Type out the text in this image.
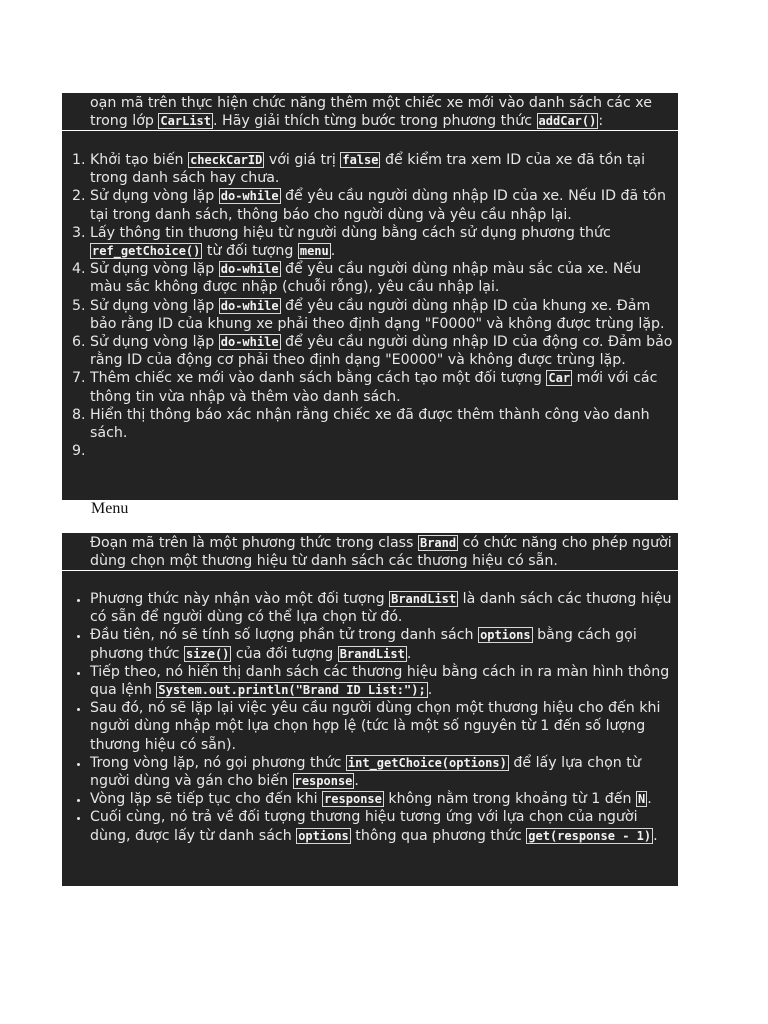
oạn mã trên thực hiện chức năng thêm một chiếc xe mới vào danh sách các xe trong lớp CarList . Hãy giải thích từng bước trong phương thức addCar() :
1. Khởi tạo biến checkCarID với giá trị false để kiểm tra xem ID của xe đã tồn tại trong danh sách hay chưa.
2. Sử dụng vòng lặp do-while để yêu cầu người dùng nhập ID của xe. Nếu ID đã tồn tại trong danh sách, thông báo cho người dùng và yêu cầu nhập lại.
3. Lấy thông tin thương hiệu từ người dùng bằng cách sử dụng phương thức ref_getChoice() từ đối tượng menu .
4. Sử dụng vòng lặp do-while để yêu cầu người dùng nhập màu sắc của xe. Nếu màu sắc không được nhập (chuỗi rỗng), yêu cầu nhập lại.
5. Sử dụng vòng lặp do-while để yêu cầu người dùng nhập ID của khung xe. Đảm bảo rằng ID của khung xe phải theo định dạng "F0000" và không được trùng lặp.
6. Sử dụng vòng lặp do-while để yêu cầu người dùng nhập ID của động cơ. Đảm bảo rằng ID của động cơ phải theo định dạng "E0000" và không được trùng lặp.
7. Thêm chiếc xe mới vào danh sách bằng cách tạo một đối tượng Car mới với các thông tin vừa nhập và thêm vào danh sách.
8. Hiển thị thông báo xác nhận rằng chiếc xe đã được thêm thành công vào danh sách.
9.
Menu
Đoạn mã trên là một phương thức trong class Brand có chức năng cho phép người dùng chọn một thương hiệu từ danh sách các thương hiệu có sẵn.
• Phương thức này nhận vào một đối tượng BrandList là danh sách các thương hiệu có sẵn để người dùng có thể lựa chọn từ đó.
• Đầu tiên, nó sẽ tính số lượng phần tử trong danh sách options bằng cách gọi phương thức size() của đối tượng BrandList .
• Tiếp theo, nó hiển thị danh sách các thương hiệu bằng cách in ra màn hình thông qua lệnh System.out.println("Brand ID List:"); .
• Sau đó, nó sẽ lặp lại việc yêu cầu người dùng chọn một thương hiệu cho đến khi người dùng nhập một lựa chọn hợp lệ (tức là một số nguyên từ 1 đến số lượng thương hiệu có sẵn).
• Trong vòng lặp, nó gọi phương thức int_getChoice(options) để lấy lựa chọn từ người dùng và gán cho biến response .
• Vòng lặp sẽ tiếp tục cho đến khi response không nằm trong khoảng từ 1 đến N .
• Cuối cùng, nó trả về đối tượng thương hiệu tương ứng với lựa chọn của người dùng, được lấy từ danh sách options thông qua phương thức get(response - 1) .
